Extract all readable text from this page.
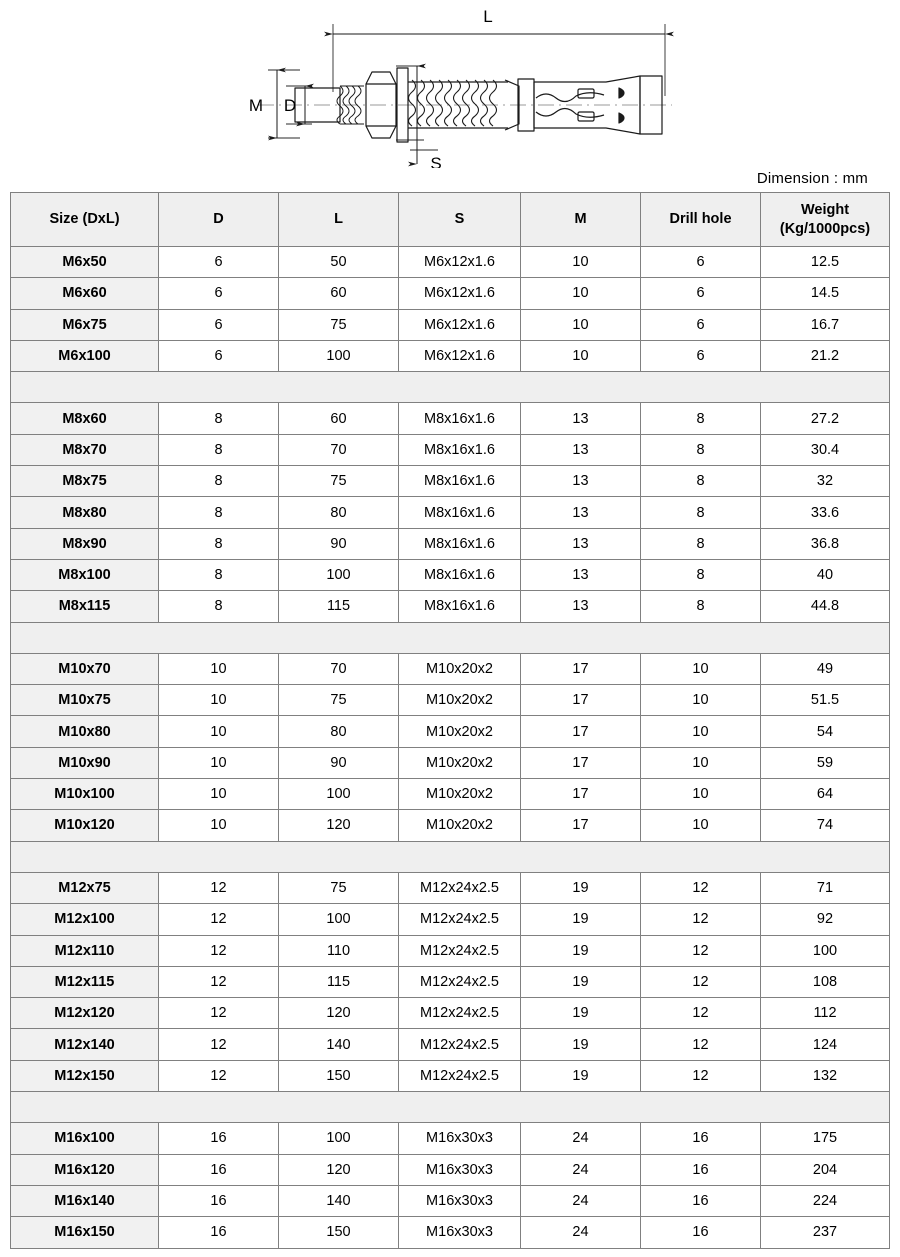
L
M D
S
Dimension : mm
Size (DxL)	D	L	S	M	Drill hole	Weight
(Kg/1000pcs)

M6x50	6	50	M6x12x1.6	10	6	12.5
M6x60	6	60	M6x12x1.6	10	6	14.5
M6x75	6	75	M6x12x1.6	10	6	16.7
M6x100	6	100	M6x12x1.6	10	6	21.2

M8x60	8	60	M8x16x1.6	13	8	27.2
M8x70	8	70	M8x16x1.6	13	8	30.4
M8x75	8	75	M8x16x1.6	13	8	32
M8x80	8	80	M8x16x1.6	13	8	33.6
M8x90	8	90	M8x16x1.6	13	8	36.8
M8x100	8	100	M8x16x1.6	13	8	40
M8x115	8	115	M8x16x1.6	13	8	44.8

M10x70	10	70	M10x20x2	17	10	49
M10x75	10	75	M10x20x2	17	10	51.5
M10x80	10	80	M10x20x2	17	10	54
M10x90	10	90	M10x20x2	17	10	59
M10x100	10	100	M10x20x2	17	10	64
M10x120	10	120	M10x20x2	17	10	74

M12x75	12	75	M12x24x2.5	19	12	71
M12x100	12	100	M12x24x2.5	19	12	92
M12x110	12	110	M12x24x2.5	19	12	100
M12x115	12	115	M12x24x2.5	19	12	108
M12x120	12	120	M12x24x2.5	19	12	112
M12x140	12	140	M12x24x2.5	19	12	124
M12x150	12	150	M12x24x2.5	19	12	132

M16x100	16	100	M16x30x3	24	16	175
M16x120	16	120	M16x30x3	24	16	204
M16x140	16	140	M16x30x3	24	16	224
M16x150	16	150	M16x30x3	24	16	237
